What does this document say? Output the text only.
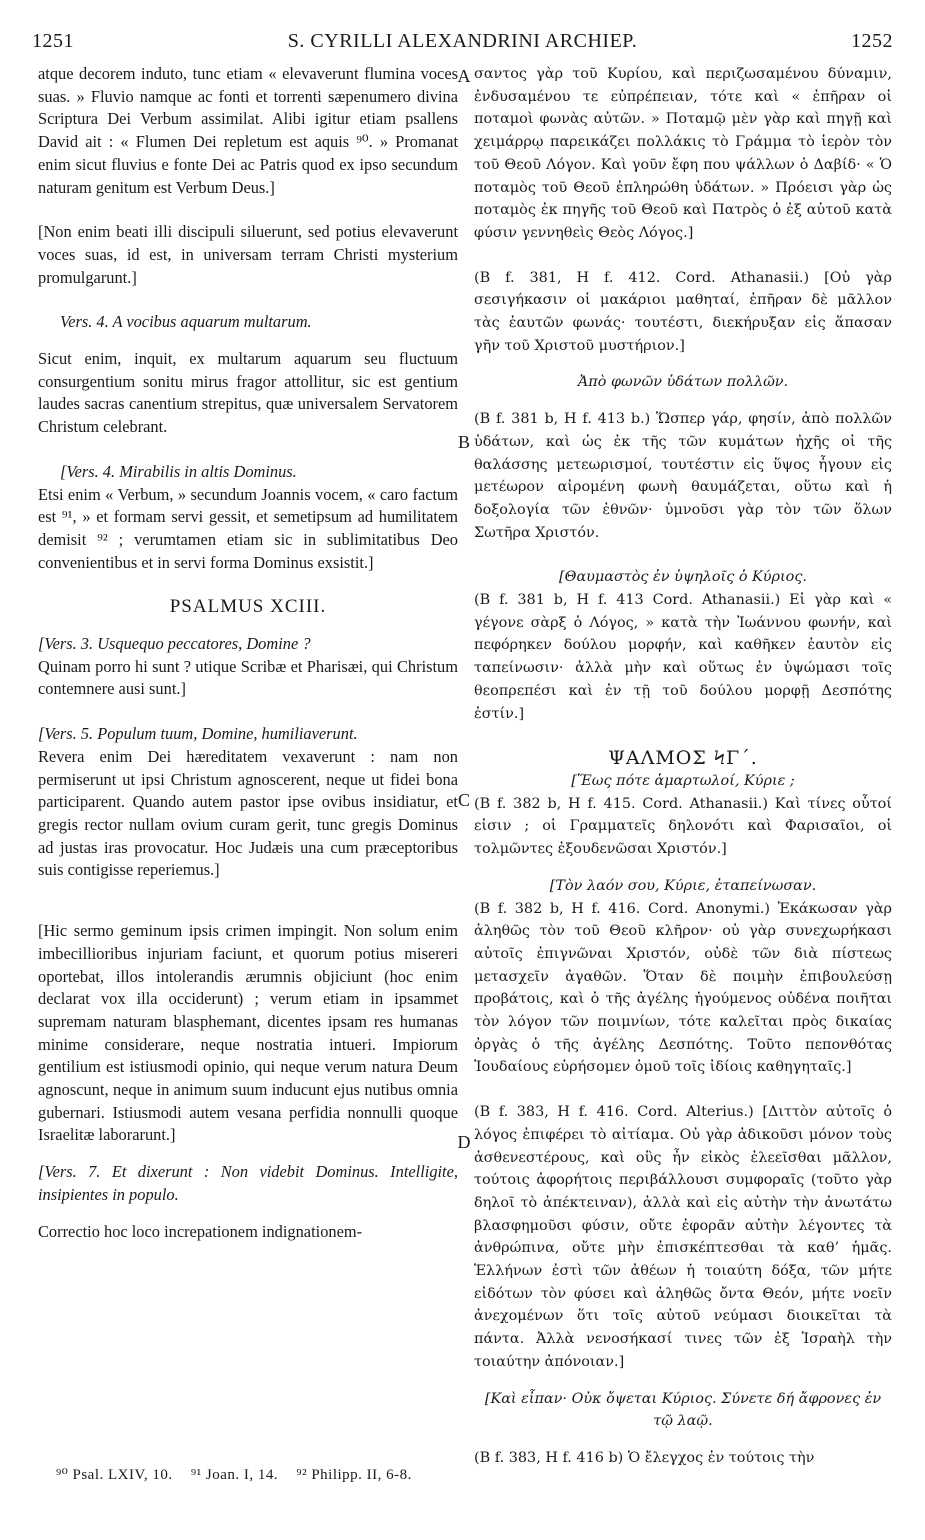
1251	S. CYRILLI ALEXANDRINI ARCHIEP.	1252
A
B
C
D

atque decorem induto, tunc etiam « elevaverunt flumina voces suas. » Fluvio namque ac fonti et torrenti sæpenumero divina Scriptura Dei Verbum assimilat. Alibi igitur etiam psallens David ait : « Flumen Dei repletum est aquis ⁹⁰. » Promanat enim sicut fluvius e fonte Dei ac Patris quod ex ipso secundum naturam genitum est Verbum Deus.]

[Non enim beati illi discipuli siluerunt, sed potius elevaverunt voces suas, id est, in universam terram Christi mysterium promulgarunt.]

Vers. 4. A vocibus aquarum multarum.

Sicut enim, inquit, ex multarum aquarum seu fluctuum consurgentium sonitu mirus fragor attollitur, sic est gentium laudes sacras canentium strepitus, quæ universalem Servatorem Christum celebrant.

[Vers. 4. Mirabilis in altis Dominus.

Etsi enim « Verbum, » secundum Joannis vocem, « caro factum est ⁹¹, » et formam servi gessit, et semetipsum ad humilitatem demisit ⁹² ; verumtamen etiam sic in sublimitatibus Deo convenientibus et in servi forma Dominus exsistit.]

PSALMUS XCIII.

[Vers. 3. Usquequo peccatores, Domine ?

Quinam porro hi sunt ? utique Scribæ et Pharisæi, qui Christum contemnere ausi sunt.]

[Vers. 5. Populum tuum, Domine, humiliaverunt.

Revera enim Dei hæreditatem vexaverunt : nam non permiserunt ut ipsi Christum agnoscerent, neque ut fidei bona participarent. Quando autem pastor ipse ovibus insidiatur, et gregis rector nullam ovium curam gerit, tunc gregis Dominus ad justas iras provocatur. Hoc Judæis una cum præceptoribus suis contigisse reperiemus.]

[Hic sermo geminum ipsis crimen impingit. Non solum enim imbecillioribus injuriam faciunt, et quorum potius misereri oportebat, illos intolerandis ærumnis objiciunt (hoc enim declarat vox illa occiderunt) ; verum etiam in ipsammet supremam naturam blasphemant, dicentes ipsam res humanas minime considerare, neque nostratia intueri. Impiorum gentilium est istiusmodi opinio, qui neque verum natura Deum agnoscunt, neque in animum suum inducunt ejus nutibus omnia gubernari. Istiusmodi autem vesana perfidia nonnulli quoque Israelitæ laborarunt.]

[Vers. 7. Et dixerunt : Non videbit Dominus. Intelligite, insipientes in populo.

Correctio hoc loco increpationem indignationem-

σαντος γὰρ τοῦ Κυρίου, καὶ περιζωσαμένου δύναμιν, ἐνδυσαμένου τε εὐπρέπειαν, τότε καὶ « ἐπῆραν οἱ ποταμοὶ φωνὰς αὐτῶν. » Ποταμῷ μὲν γὰρ καὶ πηγῇ καὶ χειμάρρῳ παρεικάζει πολλάκις τὸ Γράμμα τὸ ἱερὸν τὸν τοῦ Θεοῦ Λόγον. Καὶ γοῦν ἔφη που ψάλλων ὁ Δαβίδ· « Ὁ ποταμὸς τοῦ Θεοῦ ἐπληρώθη ὑδάτων. » Πρόεισι γὰρ ὡς ποταμὸς ἐκ πηγῆς τοῦ Θεοῦ καὶ Πατρὸς ὁ ἐξ αὐτοῦ κατὰ φύσιν γεννηθεὶς Θεὸς Λόγος.]

(B f. 381, H f. 412. Cord. Athanasii.) [Οὐ γὰρ σεσιγήκασιν οἱ μακάριοι μαθηταί, ἐπῆραν δὲ μᾶλλον τὰς ἑαυτῶν φωνάς· τουτέστι, διεκήρυξαν εἰς ἅπασαν γῆν τοῦ Χριστοῦ μυστήριον.]

Ἀπὸ φωνῶν ὑδάτων πολλῶν.

(B f. 381 b, H f. 413 b.) Ὥσπερ γάρ, φησίν, ἀπὸ πολλῶν ὑδάτων, καὶ ὡς ἐκ τῆς τῶν κυμάτων ἠχῆς οἱ τῆς θαλάσσης μετεωρισμοί, τουτέστιν εἰς ὕψος ἦγουν εἰς μετέωρον αἰρομένη φωνὴ θαυμάζεται, οὕτω καὶ ἡ δοξολογία τῶν ἐθνῶν· ὑμνοῦσι γὰρ τὸν τῶν ὅλων Σωτῆρα Χριστόν.

[Θαυμαστὸς ἐν ὑψηλοῖς ὁ Κύριος.

(B f. 381 b, H f. 413 Cord. Athanasii.) Εἰ γὰρ καὶ « γέγονε σὰρξ ὁ Λόγος, » κατὰ τὴν Ἰωάννου φωνήν, καὶ πεφόρηκεν δούλου μορφήν, καὶ καθῆκεν ἑαυτὸν εἰς ταπείνωσιν· ἀλλὰ μὴν καὶ οὕτως ἐν ὑψώμασι τοῖς θεοπρεπέσι καὶ ἐν τῇ τοῦ δούλου μορφῇ Δεσπότης ἐστίν.]

ΨΑΛΜΟΣ ϞΓ΄.

[Ἕως πότε ἁμαρτωλοί, Κύριε ;

(B f. 382 b, H f. 415. Cord. Athanasii.) Καὶ τίνες οὗτοί εἰσιν ; οἱ Γραμματεῖς δηλονότι καὶ Φαρισαῖοι, οἱ τολμῶντες ἐξουδενῶσαι Χριστόν.]

[Τὸν λαόν σου, Κύριε, ἐταπείνωσαν.

(B f. 382 b, H f. 416. Cord. Anonymi.) Ἐκάκωσαν γὰρ ἀληθῶς τὸν τοῦ Θεοῦ κλῆρον· οὐ γὰρ συνεχωρήκασι αὐτοῖς ἐπιγνῶναι Χριστόν, οὐδὲ τῶν διὰ πίστεως μετασχεῖν ἀγαθῶν. Ὅταν δὲ ποιμὴν ἐπιβουλεύσῃ προβάτοις, καὶ ὁ τῆς ἀγέλης ἡγούμενος οὐδένα ποιῆται τὸν λόγον τῶν ποιμνίων, τότε καλεῖται πρὸς δικαίας ὀργὰς ὁ τῆς ἀγέλης Δεσπότης. Τοῦτο πεπονθότας Ἰουδαίους εὑρήσομεν ὁμοῦ τοῖς ἰδίοις καθηγηταῖς.]

(B f. 383, H f. 416. Cord. Alterius.) [Διττὸν αὐτοῖς ὁ λόγος ἐπιφέρει τὸ αἰτίαμα. Οὐ γὰρ ἀδικοῦσι μόνον τοὺς ἀσθενεστέρους, καὶ οὓς ἦν εἰκὸς ἐλεεῖσθαι μᾶλλον, τούτοις ἀφορήτοις περιβάλλουσι συμφοραῖς (τοῦτο γὰρ δηλοῖ τὸ ἀπέκτειναν), ἀλλὰ καὶ εἰς αὐτὴν τὴν ἀνωτάτω βλασφημοῦσι φύσιν, οὔτε ἐφορᾶν αὐτὴν λέγοντες τὰ ἀνθρώπινα, οὔτε μὴν ἐπισκέπτεσθαι τὰ καθ’ ἡμᾶς. Ἑλλήνων ἐστὶ τῶν ἀθέων ἡ τοιαύτη δόξα, τῶν μήτε εἰδότων τὸν φύσει καὶ ἀληθῶς ὄντα Θεόν, μήτε νοεῖν ἀνεχομένων ὅτι τοῖς αὐτοῦ νεύμασι διοικεῖται τὰ πάντα. Ἀλλὰ νενοσήκασί τινες τῶν ἐξ Ἰσραὴλ τὴν τοιαύτην ἀπόνοιαν.]

[Καὶ εἶπαν· Οὐκ ὄψεται Κύριος. Σύνετε δή ἄφρονες ἐν τῷ λαῷ.

(B f. 383, H f. 416 b) Ὁ ἔλεγχος ἐν τούτοις τὴν

⁹⁰ Psal. LXIV, 10. ⁹¹ Joan. I, 14. ⁹² Philipp. II, 6-8.
